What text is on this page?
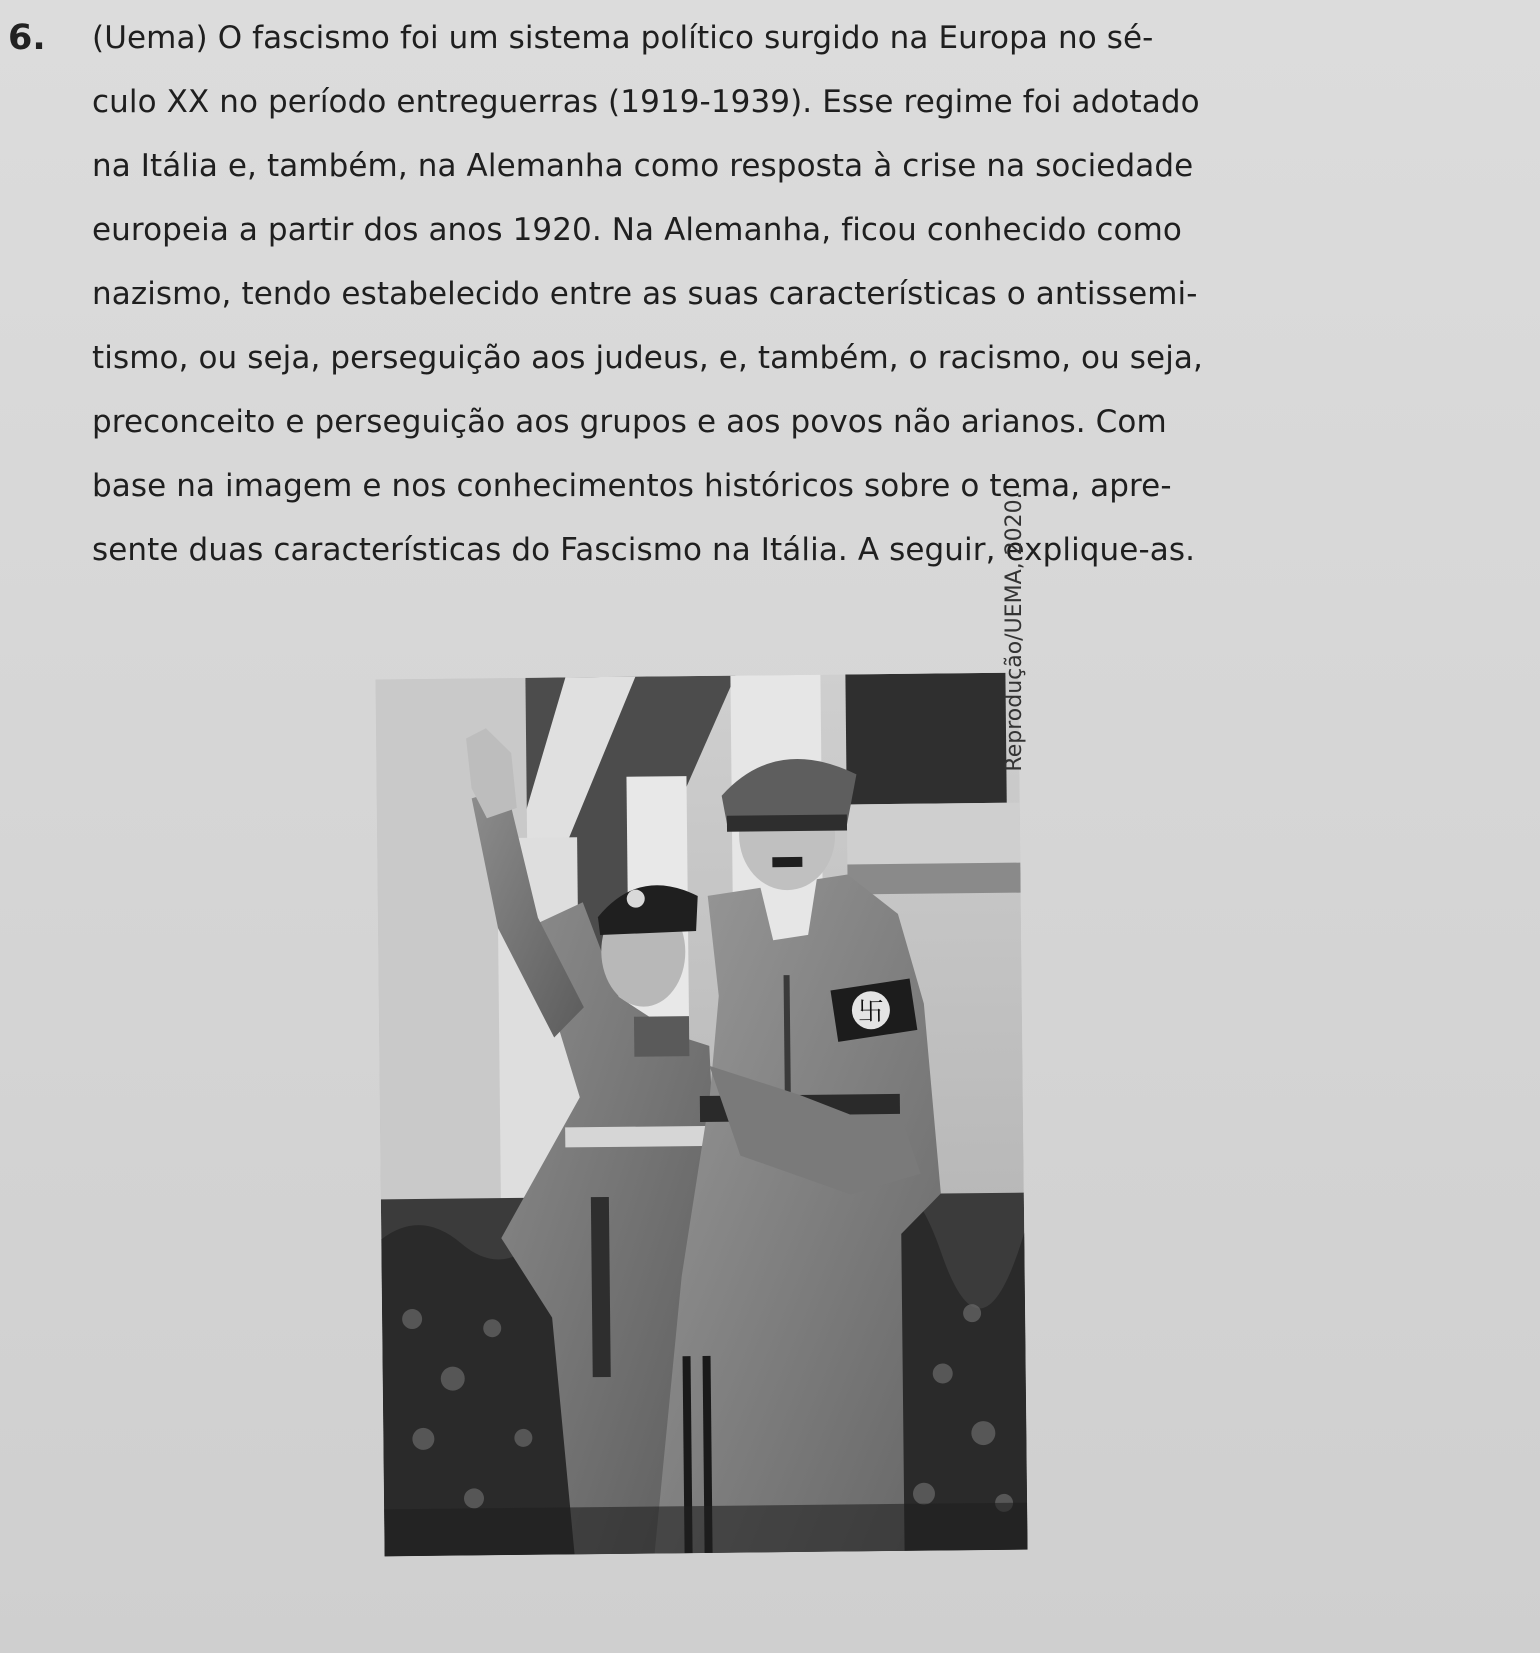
6. (Uema) O fascismo foi um sistema político surgido na Europa no sé-

culo XX no período entreguerras (1919-1939). Esse regime foi adotado

na Itália e, também, na Alemanha como resposta à crise na sociedade

europeia a partir dos anos 1920. Na Alemanha, ficou conhecido como

nazismo, tendo estabelecido entre as suas características o antissemi-

tismo, ou seja, perseguição aos judeus, e, também, o racismo, ou seja,

preconceito e perseguição aos grupos e aos povos não arianos. Com

base na imagem e nos conhecimentos históricos sobre o tema, apre-

sente duas características do Fascismo na Itália. A seguir, explique-as.

卐
Reprodução/UEMA, 2020.
